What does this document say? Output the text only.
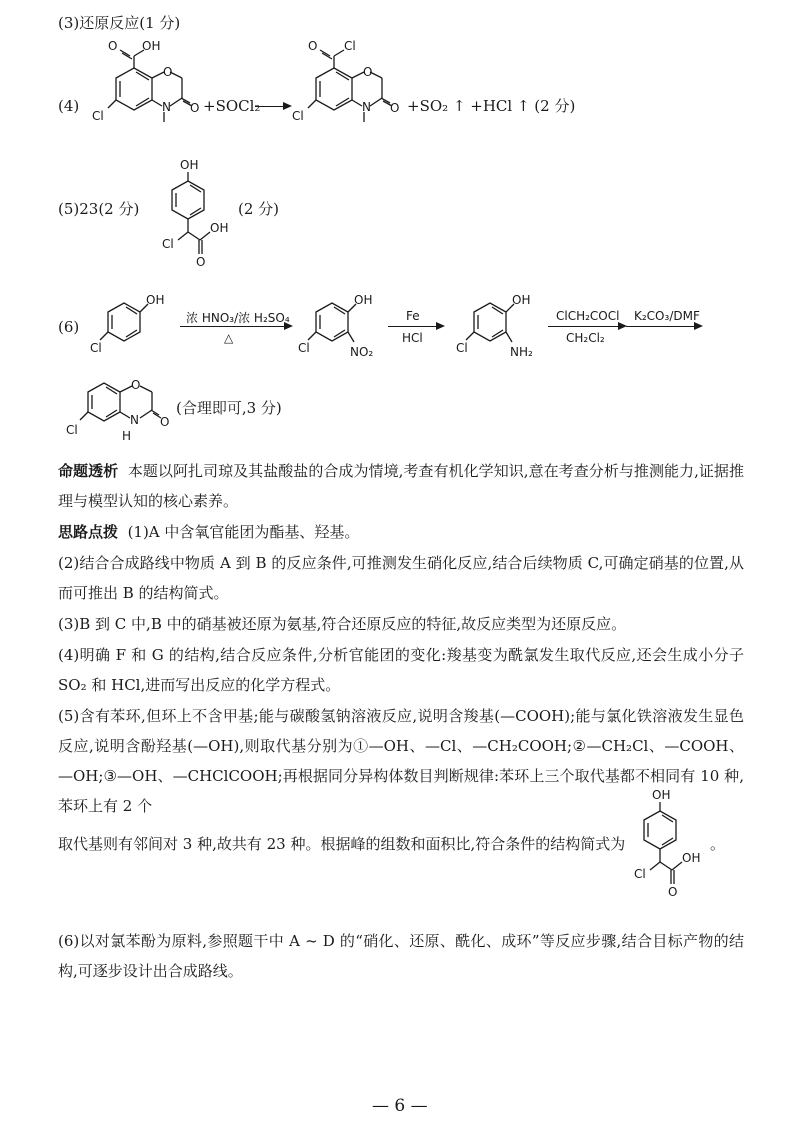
(3)还原反应(1 分)
(4)
O OH
O
N O
Cl
+SOCl₂
O Cl
O
N O
Cl
+SO₂ ↑ +HCl ↑ (2 分)
(5)23(2 分)
OH
Cl
OH
O
(2 分)
(6)
OH
Cl
浓 HNO₃/浓 H₂SO₄
△
OH
NO₂
Cl
Fe
HCl
OH
NH₂
Cl
ClCH₂COCl
CH₂Cl₂
K₂CO₃/DMF
O
N
H
O
Cl
(合理即可,3 分)
命题透析 本题以阿扎司琼及其盐酸盐的合成为情境,考查有机化学知识,意在考查分析与推测能力,证据推理与模型认知的核心素养。
思路点拨 (1)A 中含氧官能团为酯基、羟基。
(2)结合合成路线中物质 A 到 B 的反应条件,可推测发生硝化反应,结合后续物质 C,可确定硝基的位置,从而可推出 B 的结构简式。
(3)B 到 C 中,B 中的硝基被还原为氨基,符合还原反应的特征,故反应类型为还原反应。
(4)明确 F 和 G 的结构,结合反应条件,分析官能团的变化:羧基变为酰氯发生取代反应,还会生成小分子 SO₂ 和 HCl,进而写出反应的化学方程式。
(5)含有苯环,但环上不含甲基;能与碳酸氢钠溶液反应,说明含羧基(—COOH);能与氯化铁溶液发生显色反应,说明含酚羟基(—OH),则取代基分别为①—OH、—Cl、—CH₂COOH;②—CH₂Cl、—COOH、—OH;③—OH、—CHClCOOH;再根据同分异构体数目判断规律:苯环上三个取代基都不相同有 10 种,苯环上有 2 个
取代基则有邻间对 3 种,故共有 23 种。根据峰的组数和面积比,符合条件的结构简式为
OH
Cl
OH
O
。
(6)以对氯苯酚为原料,参照题干中 A ~ D 的“硝化、还原、酰化、成环”等反应步骤,结合目标产物的结构,可逐步设计出合成路线。
— 6 —
